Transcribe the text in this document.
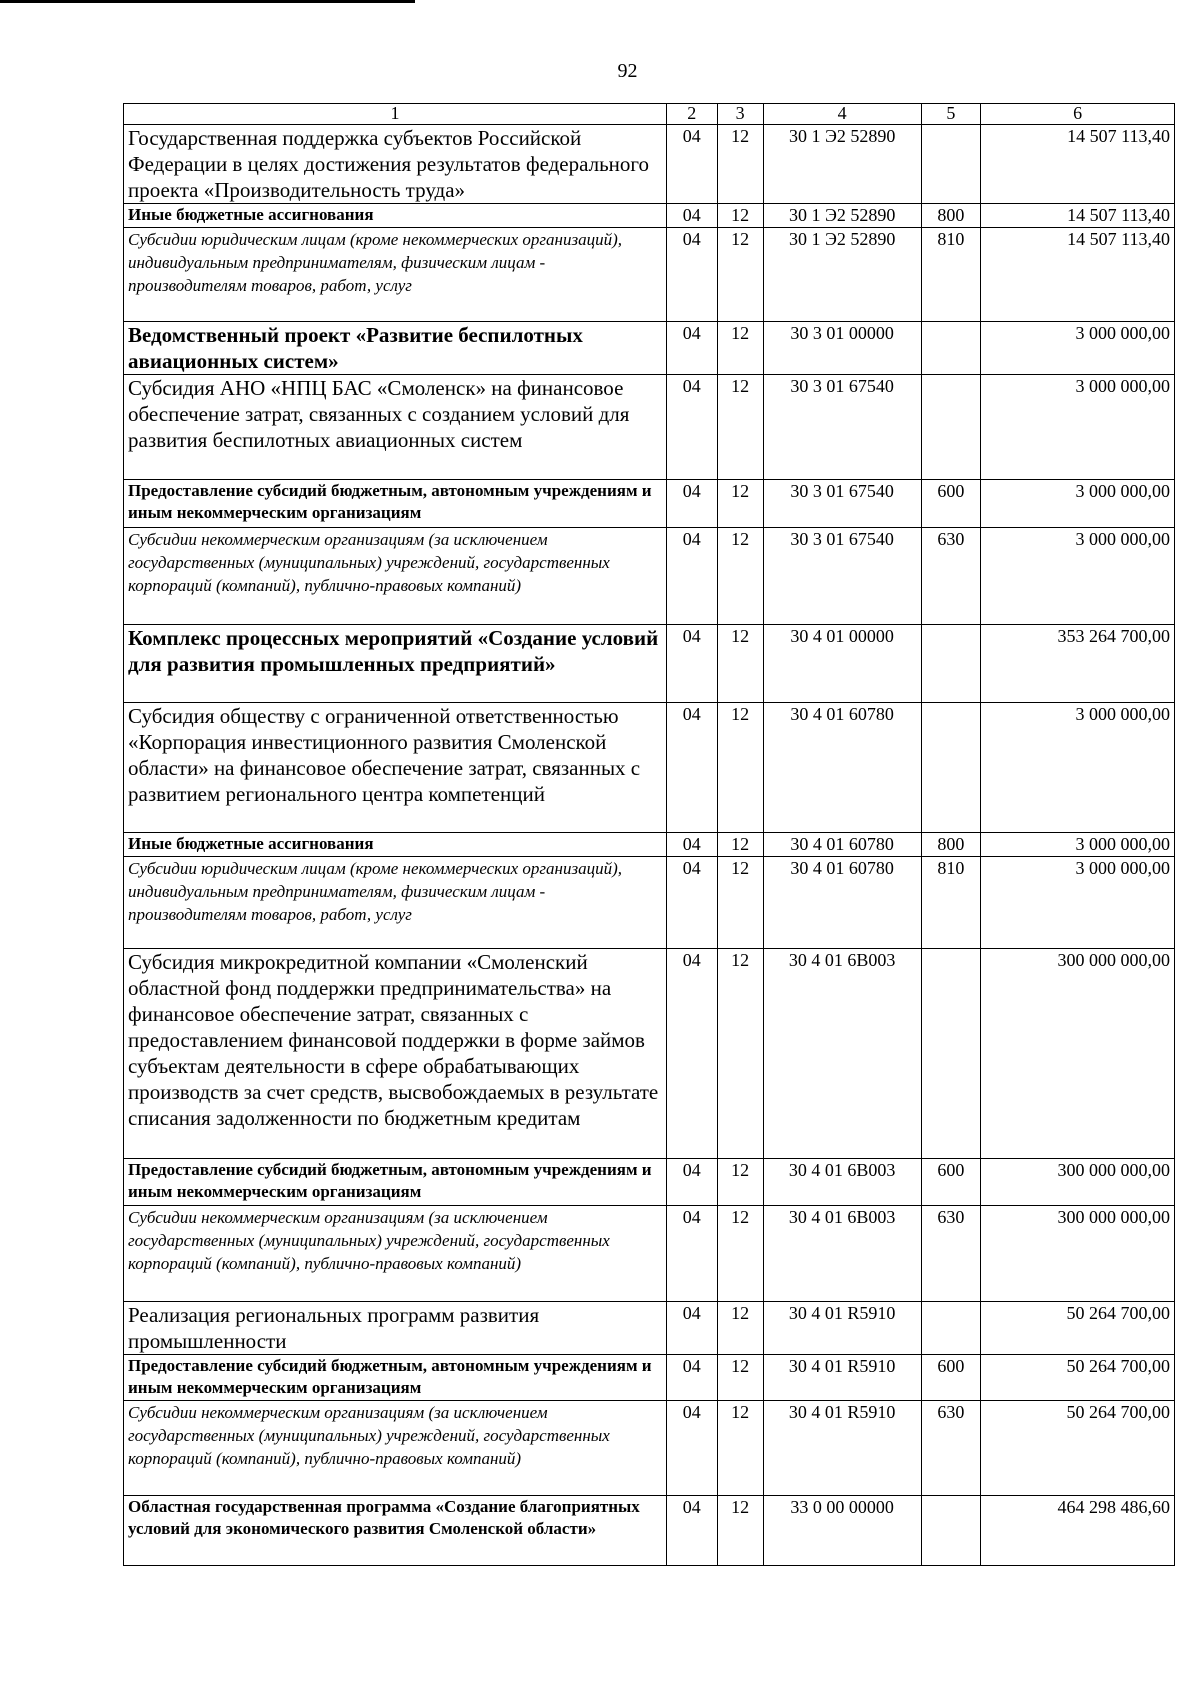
92
1	2	3	4	5	6
Государственная поддержка субъектов Российской Федерации в целях достижения результатов федерального проекта «Производительность труда»	04	12	30 1 Э2 52890		14 507 113,40
Иные бюджетные ассигнования	04	12	30 1 Э2 52890	800	14 507 113,40
Субсидии юридическим лицам (кроме некоммерческих организаций), индивидуальным предпринимателям, физическим лицам - производителям товаров, работ, услуг	04	12	30 1 Э2 52890	810	14 507 113,40
Ведомственный проект «Развитие беспилотных авиационных систем»	04	12	30 3 01 00000		3 000 000,00
Субсидия АНО «НПЦ БАС «Смоленск» на финансовое обеспечение затрат, связанных с созданием условий для развития беспилотных авиационных систем	04	12	30 3 01 67540		3 000 000,00
Предоставление субсидий бюджетным, автономным учреждениям и иным некоммерческим организациям	04	12	30 3 01 67540	600	3 000 000,00
Субсидии некоммерческим организациям (за исключением государственных (муниципальных) учреждений, государственных корпораций (компаний), публично-правовых компаний)	04	12	30 3 01 67540	630	3 000 000,00
Комплекс процессных мероприятий «Создание условий для развития промышленных предприятий»	04	12	30 4 01 00000		353 264 700,00
Субсидия обществу с ограниченной ответственностью «Корпорация инвестиционного развития Смоленской области» на финансовое обеспечение затрат, связанных с развитием регионального центра компетенций	04	12	30 4 01 60780		3 000 000,00
Иные бюджетные ассигнования	04	12	30 4 01 60780	800	3 000 000,00
Субсидии юридическим лицам (кроме некоммерческих организаций), индивидуальным предпринимателям, физическим лицам - производителям товаров, работ, услуг	04	12	30 4 01 60780	810	3 000 000,00
Субсидия микрокредитной компании «Смоленский областной фонд поддержки предпринимательства» на финансовое обеспечение затрат, связанных с предоставлением финансовой поддержки в форме займов субъектам деятельности в сфере обрабатывающих производств за счет средств, высвобождаемых в результате списания задолженности по бюджетным кредитам	04	12	30 4 01 6В003		300 000 000,00
Предоставление субсидий бюджетным, автономным учреждениям и иным некоммерческим организациям	04	12	30 4 01 6В003	600	300 000 000,00
Субсидии некоммерческим организациям (за исключением государственных (муниципальных) учреждений, государственных корпораций (компаний), публично-правовых компаний)	04	12	30 4 01 6В003	630	300 000 000,00
Реализация региональных программ развития промышленности	04	12	30 4 01 R5910		50 264 700,00
Предоставление субсидий бюджетным, автономным учреждениям и иным некоммерческим организациям	04	12	30 4 01 R5910	600	50 264 700,00
Субсидии некоммерческим организациям (за исключением государственных (муниципальных) учреждений, государственных корпораций (компаний), публично-правовых компаний)	04	12	30 4 01 R5910	630	50 264 700,00
Областная государственная программа «Создание благоприятных условий для экономического развития Смоленской области»	04	12	33 0 00 00000		464 298 486,60
